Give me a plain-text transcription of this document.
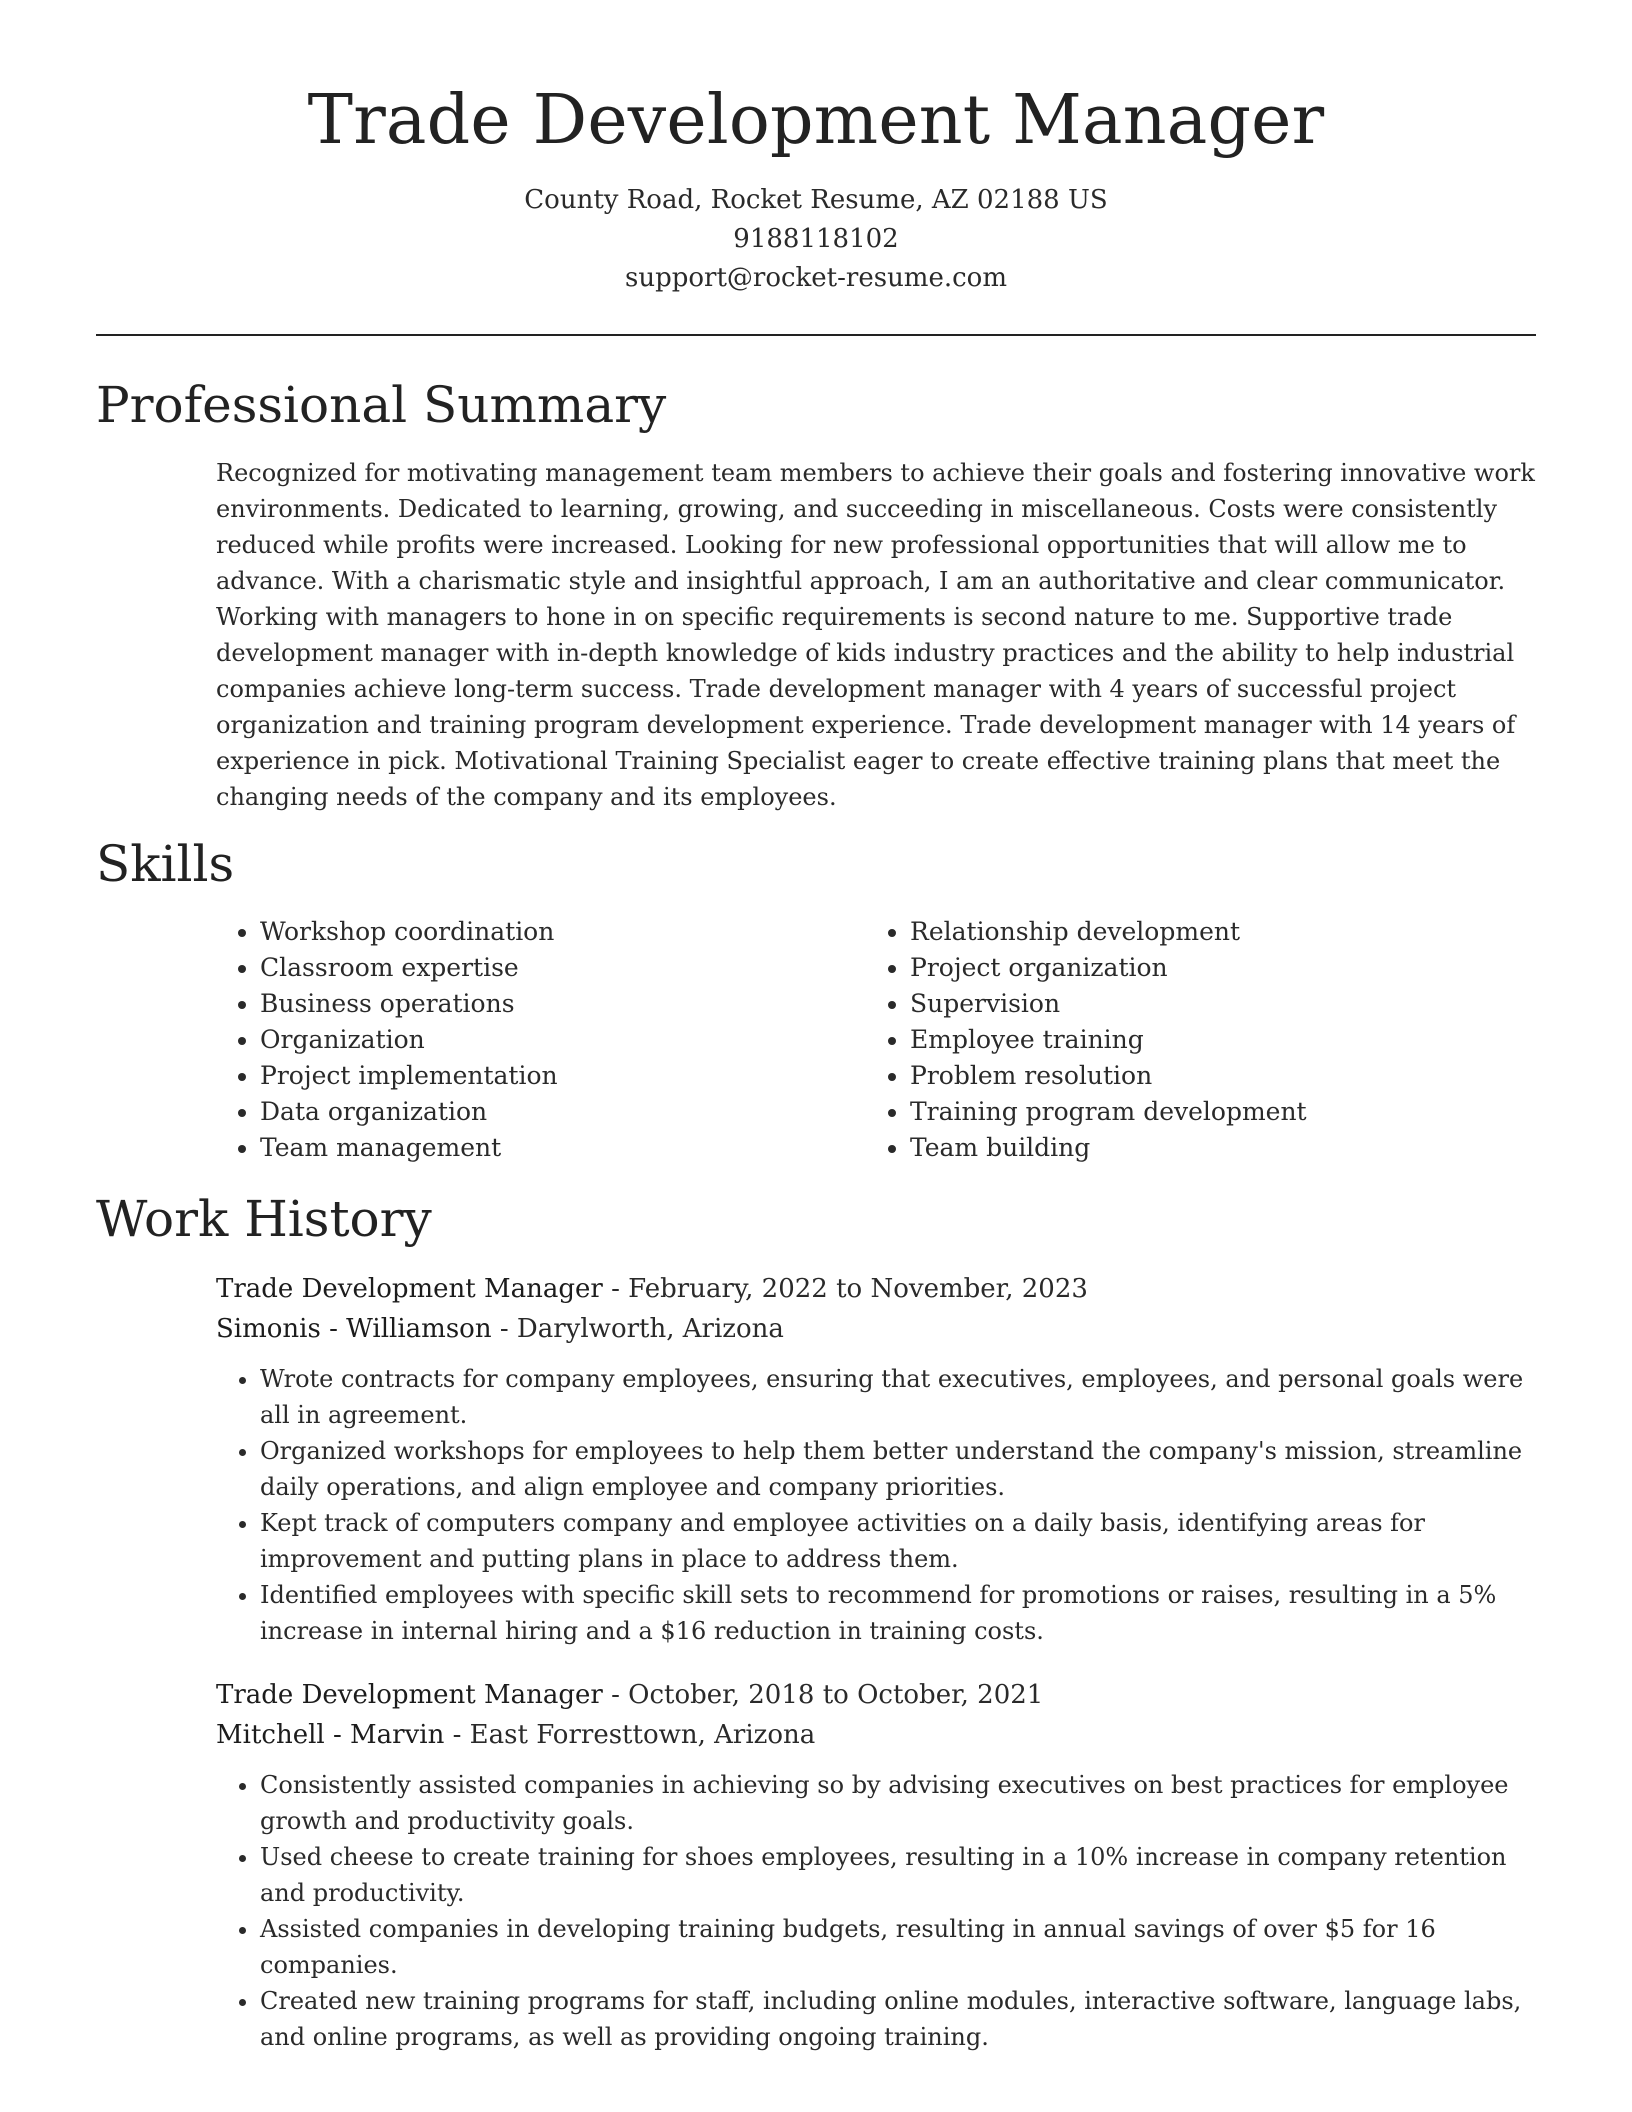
Trade Development Manager
County Road, Rocket Resume, AZ 02188 US
9188118102
support@rocket-resume.com
Professional Summary
Recognized for motivating management team members to achieve their goals and fostering innovative work environments. Dedicated to learning, growing, and succeeding in miscellaneous. Costs were consistently reduced while profits were increased. Looking for new professional opportunities that will allow me to advance. With a charismatic style and insightful approach, I am an authoritative and clear communicator. Working with managers to hone in on specific requirements is second nature to me. Supportive trade development manager with in-depth knowledge of kids industry practices and the ability to help industrial companies achieve long-term success. Trade development manager with 4 years of successful project organization and training program development experience. Trade development manager with 14 years of experience in pick. Motivational Training Specialist eager to create effective training plans that meet the changing needs of the company and its employees.
Skills
• Workshop coordination
• Classroom expertise
• Business operations
• Organization
• Project implementation
• Data organization
• Team management
• Relationship development
• Project organization
• Supervision
• Employee training
• Problem resolution
• Training program development
• Team building
Work History
Trade Development Manager - February, 2022 to November, 2023
Simonis - Williamson - Darylworth, Arizona
• Wrote contracts for company employees, ensuring that executives, employees, and personal goals were all in agreement.
• Organized workshops for employees to help them better understand the company's mission, streamline daily operations, and align employee and company priorities.
• Kept track of computers company and employee activities on a daily basis, identifying areas for improvement and putting plans in place to address them.
• Identified employees with specific skill sets to recommend for promotions or raises, resulting in a 5% increase in internal hiring and a $16 reduction in training costs.
Trade Development Manager - October, 2018 to October, 2021
Mitchell - Marvin - East Forresttown, Arizona
• Consistently assisted companies in achieving so by advising executives on best practices for employee growth and productivity goals.
• Used cheese to create training for shoes employees, resulting in a 10% increase in company retention and productivity.
• Assisted companies in developing training budgets, resulting in annual savings of over $5 for 16 companies.
• Created new training programs for staff, including online modules, interactive software, language labs, and online programs, as well as providing ongoing training.
